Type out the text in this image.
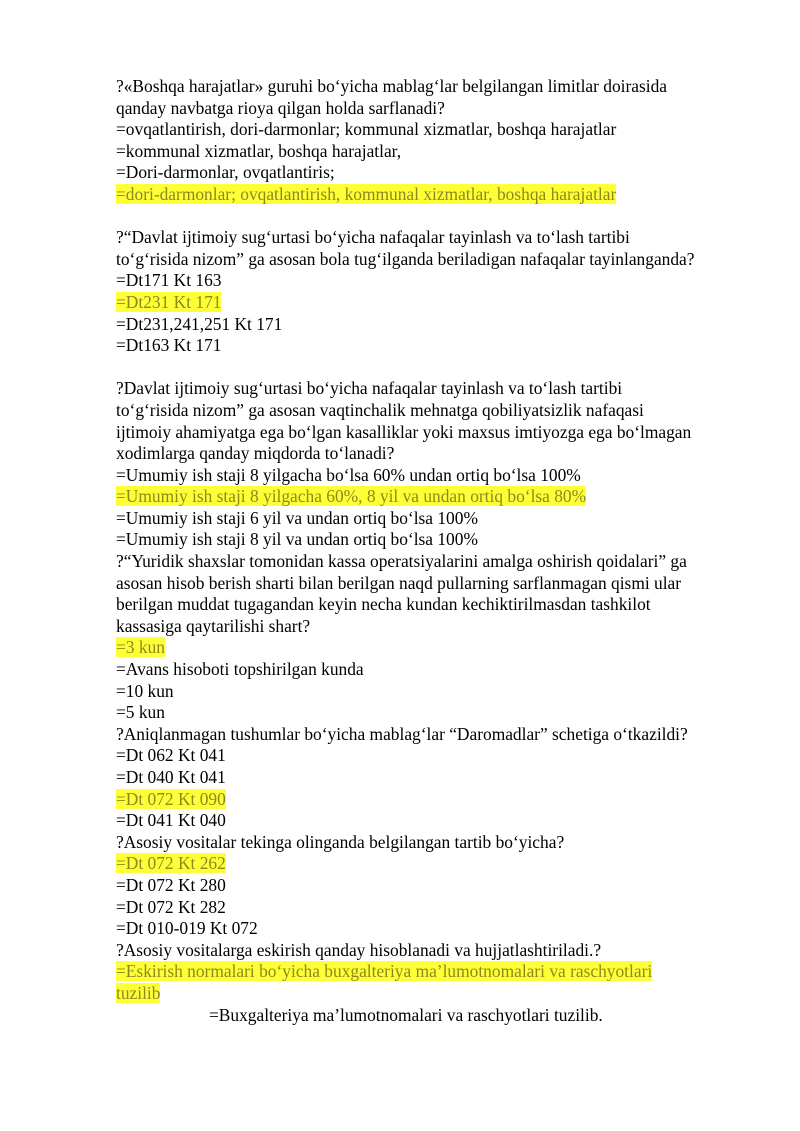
?«Boshqa harajatlar» guruhi bo‘yicha mablag‘lar belgilangan limitlar doirasida
qanday navbatga rioya qilgan holda sarflanadi?
=ovqatlantirish, dori-darmonlar; kommunal xizmatlar, boshqa harajatlar
=kommunal xizmatlar, boshqa harajatlar,
=Dori-darmonlar, ovqatlantiris;
=dori-darmonlar; ovqatlantirish, kommunal xizmatlar, boshqa harajatlar
?“Davlat ijtimoiy sug‘urtasi bo‘yicha nafaqalar tayinlash va to‘lash tartibi
to‘g‘risida nizom” ga asosan bola tug‘ilganda beriladigan nafaqalar tayinlanganda?
=Dt171 Kt 163
=Dt231 Kt 171
=Dt231,241,251 Kt 171
=Dt163 Kt 171
?Davlat ijtimoiy sug‘urtasi bo‘yicha nafaqalar tayinlash va to‘lash tartibi
to‘g‘risida nizom” ga asosan vaqtinchalik mehnatga qobiliyatsizlik nafaqasi
ijtimoiy ahamiyatga ega bo‘lgan kasalliklar yoki maxsus imtiyozga ega bo‘lmagan
xodimlarga qanday miqdorda to‘lanadi?
=Umumiy ish staji 8 yilgacha bo‘lsa 60% undan ortiq bo‘lsa 100%
=Umumiy ish staji 8 yilgacha 60%, 8 yil va undan ortiq bo‘lsa 80%
=Umumiy ish staji 6 yil va undan ortiq bo‘lsa 100%
=Umumiy ish staji 8 yil va undan ortiq bo‘lsa 100%
?“Yuridik shaxslar tomonidan kassa operatsiyalarini amalga oshirish qoidalari” ga
asosan hisob berish sharti bilan berilgan naqd pullarning sarflanmagan qismi ular
berilgan muddat tugagandan keyin necha kundan kechiktirilmasdan tashkilot
kassasiga qaytarilishi shart?
=3 kun
=Avans hisoboti topshirilgan kunda
=10 kun
=5 kun
?Aniqlanmagan tushumlar bo‘yicha mablag‘lar “Daromadlar” schetiga o‘tkazildi?
=Dt 062 Kt 041
=Dt 040 Kt 041
=Dt 072 Kt 090
=Dt 041 Kt 040
?Asosiy vositalar tekinga olinganda belgilangan tartib bo‘yicha?
=Dt 072 Kt 262
=Dt 072 Kt 280
=Dt 072 Kt 282
=Dt 010-019 Kt 072
?Asosiy vositalarga eskirish qanday hisoblanadi va hujjatlashtiriladi.?
=Eskirish normalari bo‘yicha buxgalteriya ma’lumotnomalari va raschyotlari
tuzilib
=Buxgalteriya ma’lumotnomalari va raschyotlari tuzilib.
